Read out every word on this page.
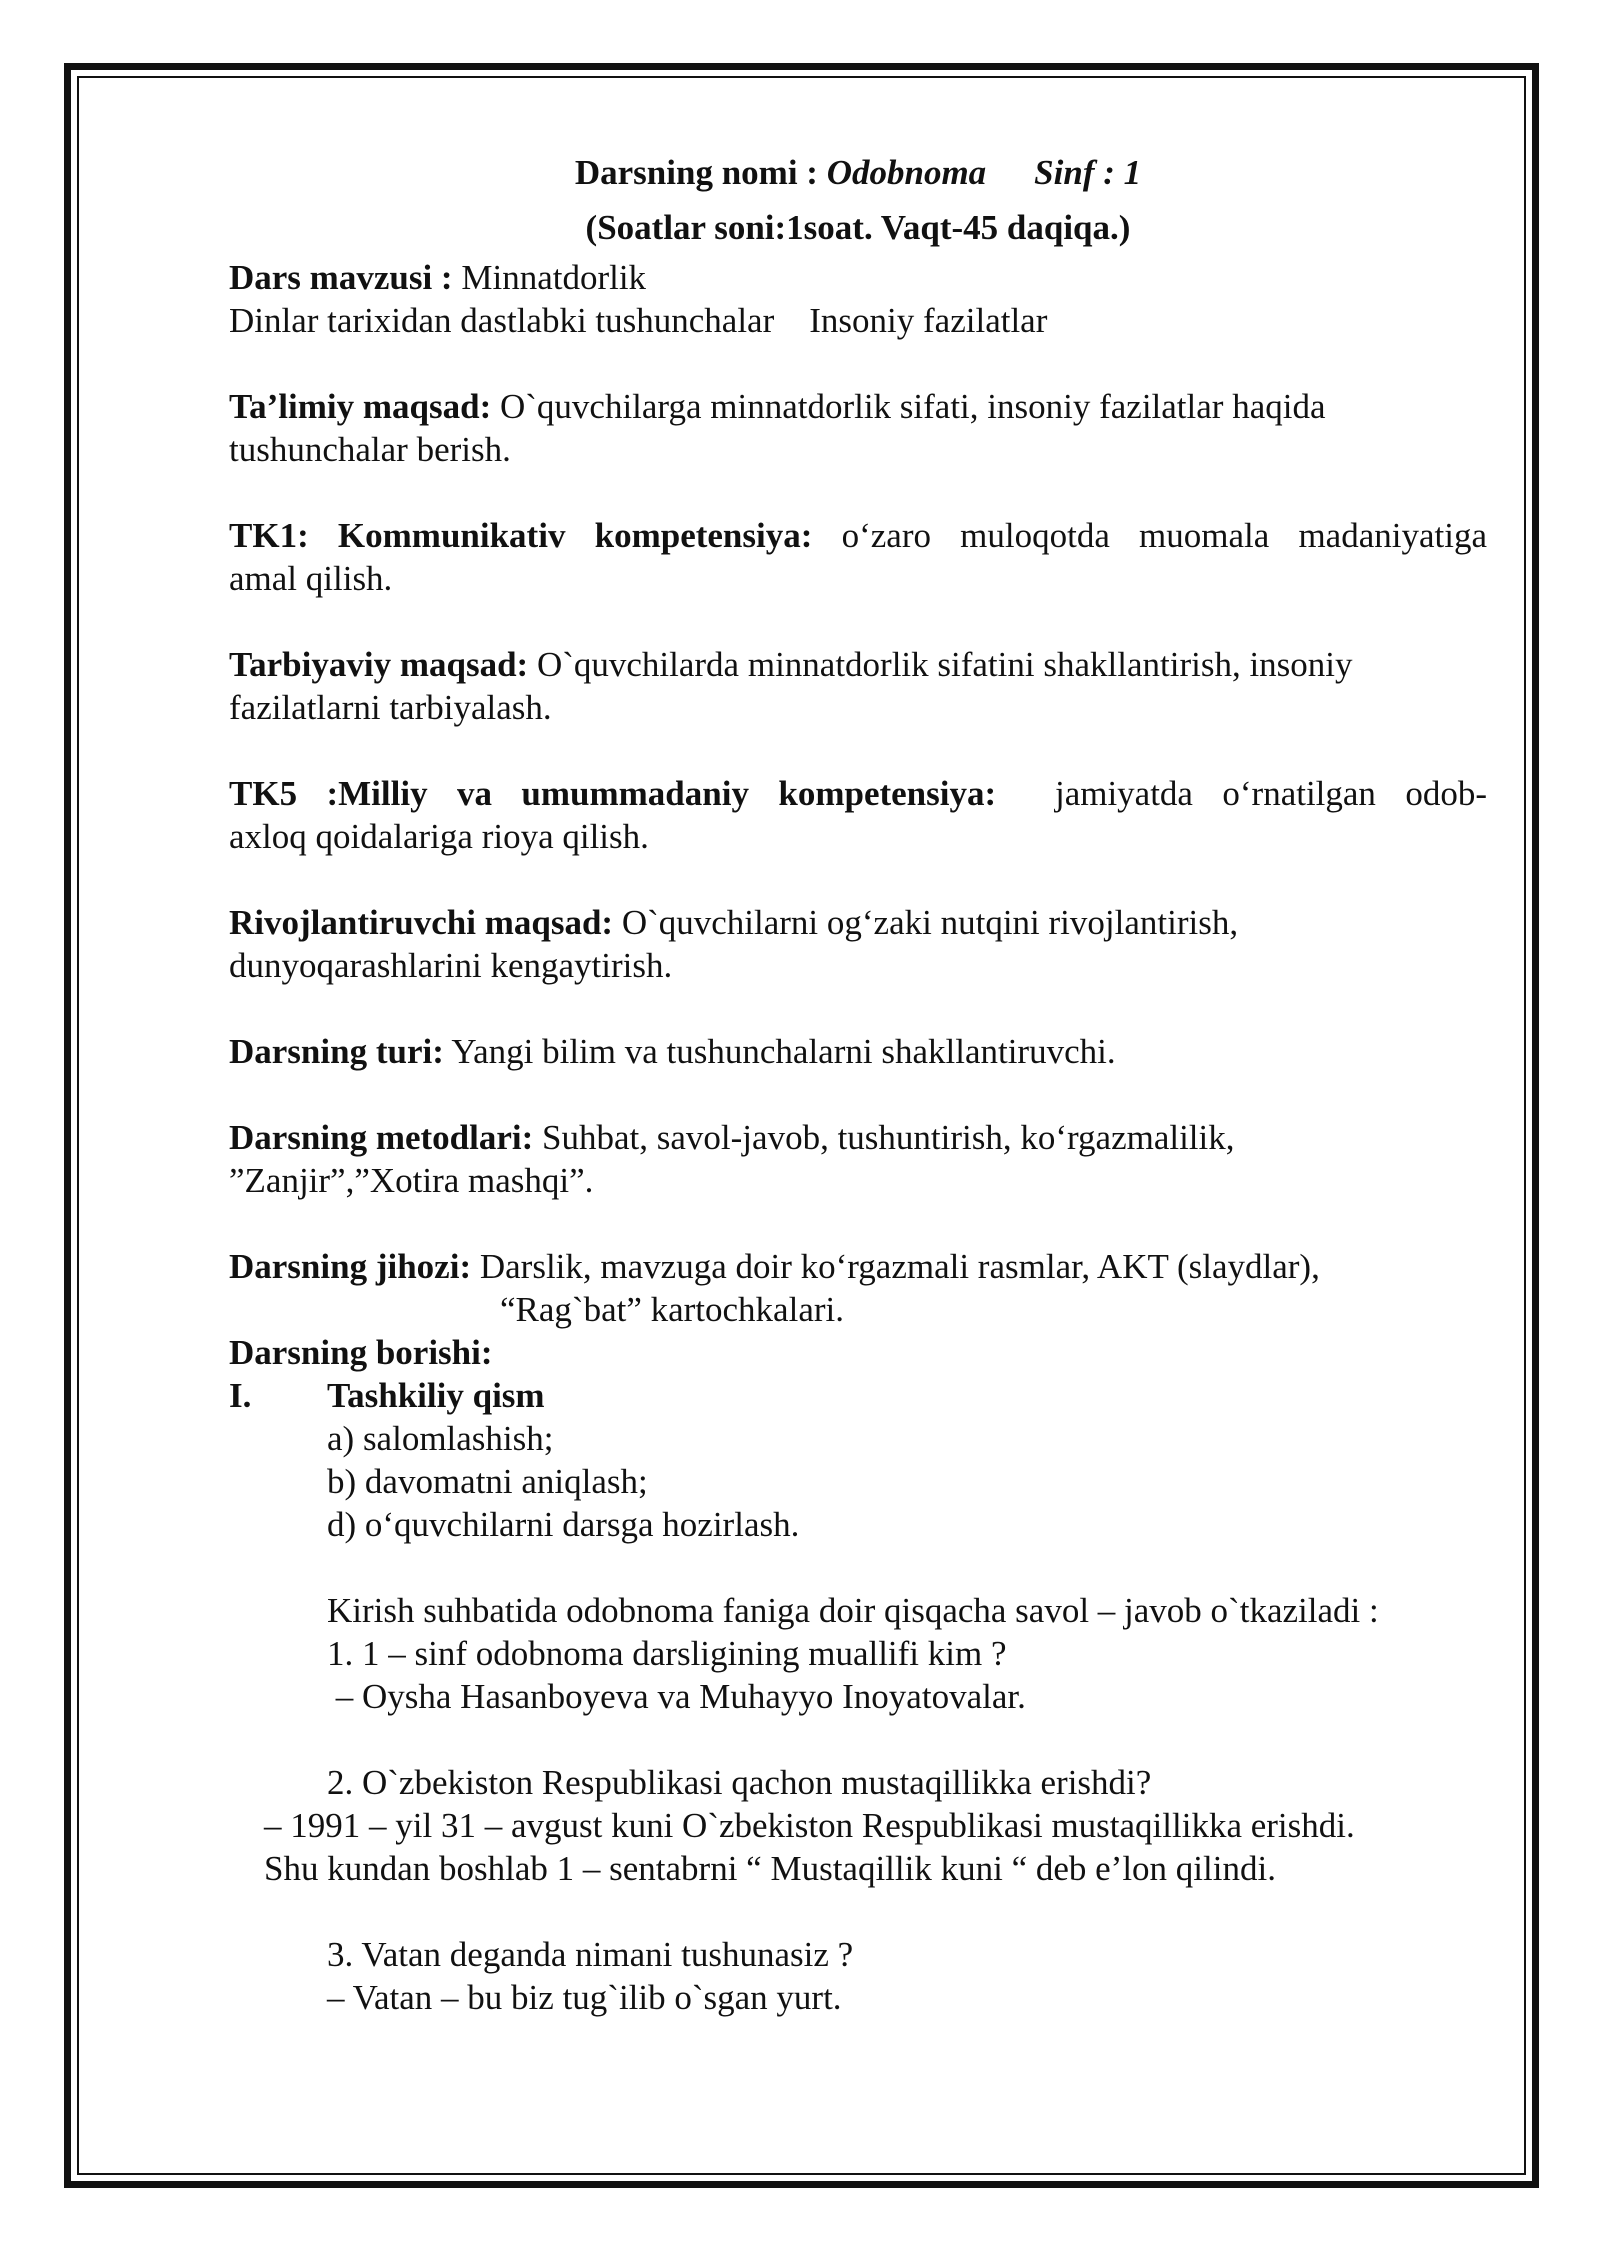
Darsning nomi : Odobnoma Sinf : 1
(Soatlar soni:1soat. Vaqt-45 daqiqa.)

Dars mavzusi : Minnatdorlik

Dinlar tarixidan dastlabki tushunchalar Insoniy fazilatlar

Ta’limiy maqsad: O`quvchilarga minnatdorlik sifati, insoniy fazilatlar haqida

tushunchalar berish.

TK1: Kommunikativ kompetensiya: o‘zaro muloqotda muomala madaniyatiga

amal qilish.

Tarbiyaviy maqsad: O`quvchilarda minnatdorlik sifatini shakllantirish, insoniy

fazilatlarni tarbiyalash.

TK5 :Milliy va umummadaniy kompetensiya: jamiyatda o‘rnatilgan odob-

axloq qoidalariga rioya qilish.

Rivojlantiruvchi maqsad: O`quvchilarni og‘zaki nutqini rivojlantirish,

dunyoqarashlarini kengaytirish.

Darsning turi: Yangi bilim va tushunchalarni shakllantiruvchi.

Darsning metodlari: Suhbat, savol-javob, tushuntirish, ko‘rgazmalilik,

”Zanjir”,”Xotira mashqi”.

Darsning jihozi: Darslik, mavzuga doir ko‘rgazmali rasmlar, AKT (slaydlar),

“Rag`bat” kartochkalari.

Darsning borishi:

I.	Tashkiliy qism

a) salomlashish;

b) davomatni aniqlash;

d) o‘quvchilarni darsga hozirlash.

Kirish suhbatida odobnoma faniga doir qisqacha savol – javob o`tkaziladi :

1. 1 – sinf odobnoma darsligining muallifi kim ?

– Oysha Hasanboyeva va Muhayyo Inoyatovalar.

2. O`zbekiston Respublikasi qachon mustaqillikka erishdi?

– 1991 – yil 31 – avgust kuni O`zbekiston Respublikasi mustaqillikka erishdi.

Shu kundan boshlab 1 – sentabrni “ Mustaqillik kuni “ deb e’lon qilindi.

3. Vatan deganda nimani tushunasiz ?

– Vatan – bu biz tug`ilib o`sgan yurt.
